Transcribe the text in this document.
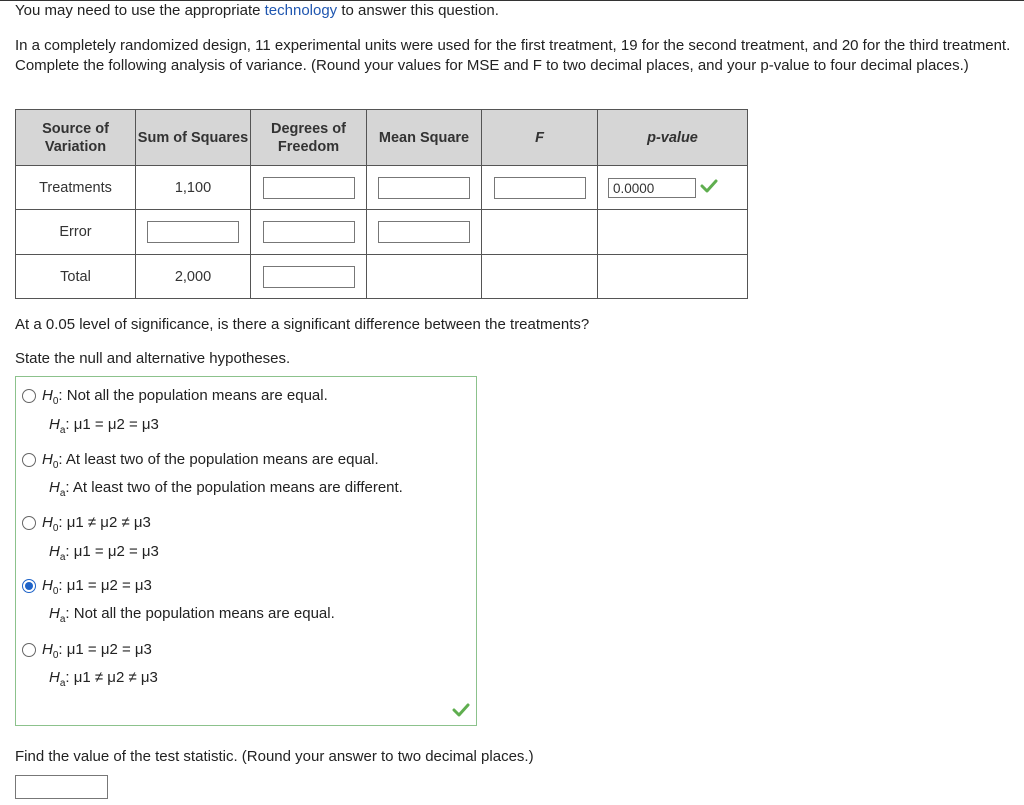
You may need to use the appropriate technology to answer this question.
In a completely randomized design, 11 experimental units were used for the first treatment, 19 for the second treatment, and 20 for the third treatment. Complete the following analysis of variance. (Round your values for MSE and F to two decimal places, and your p-value to four decimal places.)
Source of Variation	Sum of Squares	Degrees of Freedom	Mean Square	F	p-value
Treatments	1,100				0.0000
Error					
Total	2,000				
At a 0.05 level of significance, is there a significant difference between the treatments?
State the null and alternative hypotheses.
$H_0$: Not all the population means are equal.
$H_a$: μ1 = μ2 = μ3
$H_0$: At least two of the population means are equal.
$H_a$: At least two of the population means are different.
$H_0$: μ1 ≠ μ2 ≠ μ3
$H_a$: μ1 = μ2 = μ3
$H_0$: μ1 = μ2 = μ3
$H_a$: Not all the population means are equal.
$H_0$: μ1 = μ2 = μ3
$H_a$: μ1 ≠ μ2 ≠ μ3
Find the value of the test statistic. (Round your answer to two decimal places.)
